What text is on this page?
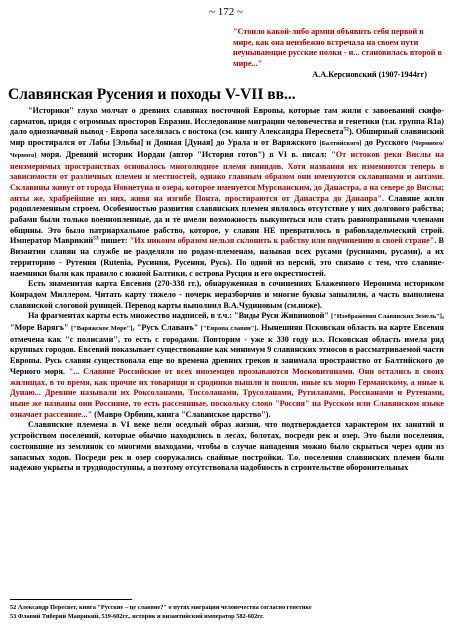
~ 172 ~
"Стоило какой-либо армии объявить себя первой в мире, как она неизбежно встречала на своем пути неунывающие русские полки - и... становилась второй в мире..."
А.А.Керсновский (1907-1944гг)
Славянская Русения и походы V-VII вв...

"Историки" глухо молчат о древних славянах восточной Европы, которые там жили с завоеваний скифо-сарматов, придя с огромных просторов Евразии. Исследование миграции человечества и генетики (т.н. группа R1a) дало однозначный вывод - Европа заселялась с востока (см. книгу Александра Пересвета$^{52}$). Обширный славянский мир простирался от Лабы [Эльбы] и Донная [Дуная] до Урала и от Варяжского [Балтийского] до Русского [Чермного/Черного] моря. Древний историк Иордан (автор "История готов") в VI в. писал: "От истоков реки Вислы на неизмеримых пространствах основалось многолюдное племя винидов. Хотя названия их изменяются теперь в зависимости от различных племен и местностей, однако главным образом они именуются склавинами и антами. Склавины живут от города Новиетуна и озера, которое именуется Мурсианским, до Данастра, а на севере до Вислы; анты же, храбрейшие из них, живя на изгибе Понта, простираются от Данастра до Данапра". Славяне жили родоплеменным строем. Особенностью развития славянских племен являлось отсутствие у них долгового рабства; рабами были только военнопленные, да и те имели возможность выкупиться или стать равноправными членами общины. Это было патриархальное рабство, которое, у славян НЕ превратилось в рабовладельческий строй. Император Маврикий$^{53}$ пишет: "Их никоим образом нельзя склонить к рабству или подчинению в своей стране". В Византии славян на службе не разделяли по родам-племенам, называя всех русами (русинами, русами), а их территорию - Рутения (Rutenia, Русиния, Русения, Русь). По одной из версий, это связано с тем, что славяне-наемники были как правило с южной Балтики, с острова Русция и его окрестностей.

Есть знаменитая карта Евсевия (270-338 гг.), обнаруженная в сочинениях Блаженного Иеронима историком Конрадом Миллером. Читать карту тяжело - почерк неразборчив и многие буквы запылили, а часть выполнена славянской слоговой руницей. Перевод карты выполнил В.А.Чудиновым (см.ниже).

На фрагментах карты есть множество надписей, в т.ч.: "Виды Руси Живиновой" ["Изображения Славянских Земель"], "Море Варягъ" ["Варяжское Море"], "Русъ Славанъ" ["Европа славян"]. Нынешняя Псковская область на карте Евсевия отмечена как "с полисами", то есть с городами. Повторим - уже к 330 году н.э. Псковская область имела ряд крупных городов. Евсевий показывает существование как минимум 9 славянских этносов в рассматриваемой части Европы. Русь славян существовала еще во времена древних греков и занимала пространство от Балтийского до Черного моря. "... Славяне Российские от всех иноземцев прозываются Московитянами. Они остались в своих жилищах, в то время, как прочие их товарищи и сродники вышли и пошли, иные къ морю Германскому, а иные к Дунаю... Древние называли их Роксоланами, Тоссоланами, Трусоланами, Рутиланами, Россианами и Рутенами, ныне же названы они Россияне, то есть рассеянные, поскольку слово "Россия" на Русском или Славянском языке означает рассеяние..." (Мавро Орбини, книга "Славянское царство").

Славянские племена в VI веке вели оседлый образ жизни, что подтверждается характером их занятий и устройством поселений, которые обычно находились в лесах, болотах, посреди рек и озер. Это были поселения, состоявшие из землянок со многими выходами, чтобы в случае нападения можно было скрыться через один из запасных ходов. Посреди рек и озер сооружались свайные постройки. Т.о. поселения славянских племен были надежно укрыты и труднодоступны, а поэтому отсутствовала надобность в строительстве оборонительных

52 Александр Пересвет, книга "Русские – це славяне?" о путях миграции человечества согласно генетике

53 Флавий Тиберий Маврикий, 539-602гг., историк и византийский император 582-602гг.
